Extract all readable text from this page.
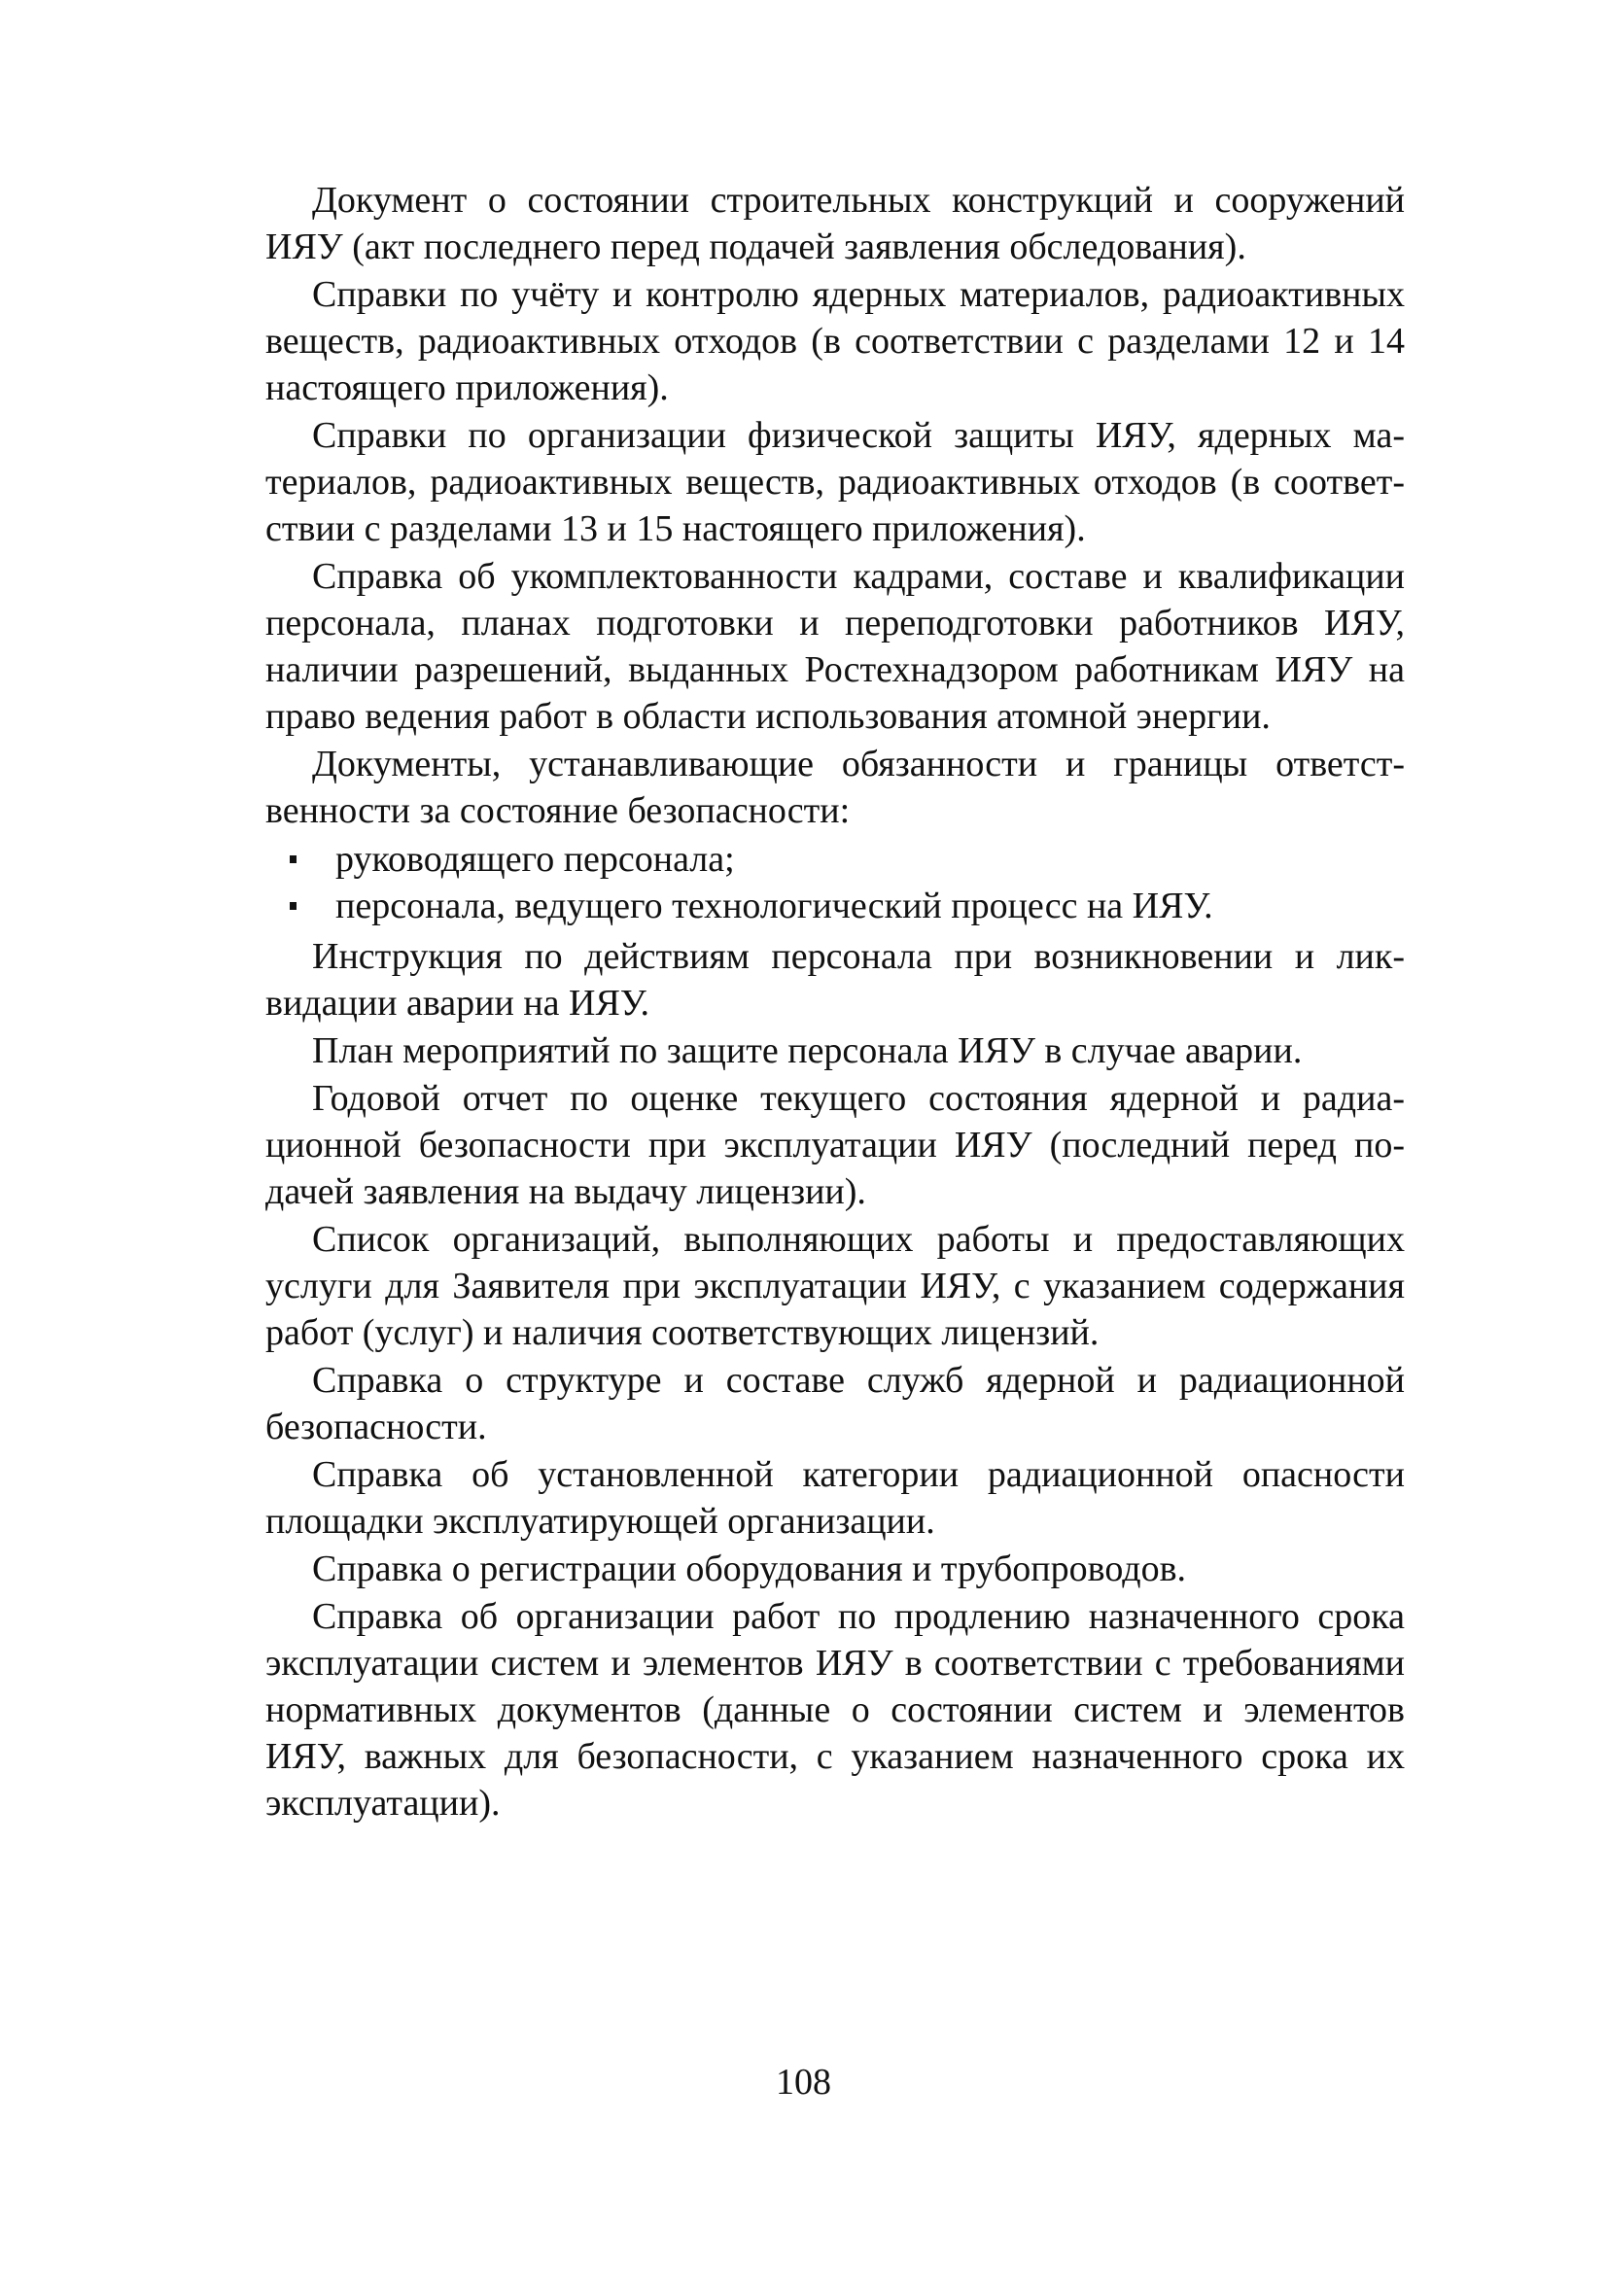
Документ о состоянии строительных конструкций и сооружений ИЯУ (акт последнего перед подачей заявления обследования).

Справки по учёту и контролю ядерных материалов, радиоактивных веществ, радиоактивных отходов (в соответствии с разделами 12 и 14 настоящего приложения).

Справки по организации физической защиты ИЯУ, ядерных материалов, радиоактивных веществ, радиоактивных отходов (в соответствии с разделами 13 и 15 настоящего приложения).

Справка об укомплектованности кадрами, составе и квалификации персонала, планах подготовки и переподготовки работников ИЯУ, наличии разрешений, выданных Ростехнадзором работникам ИЯУ на право ведения работ в области использования атомной энергии.

Документы, устанавливающие обязанности и границы ответственности за состояние безопасности:

руководящего персонала;
персонала, ведущего технологический процесс на ИЯУ.

Инструкция по действиям персонала при возникновении и ликвидации аварии на ИЯУ.

План мероприятий по защите персонала ИЯУ в случае аварии.

Годовой отчет по оценке текущего состояния ядерной и радиационной безопасности при эксплуатации ИЯУ (последний перед подачей заявления на выдачу лицензии).

Список организаций, выполняющих работы и предоставляющих услуги для Заявителя при эксплуатации ИЯУ, с указанием содержания работ (услуг) и наличия соответствующих лицензий.

Справка о структуре и составе служб ядерной и радиационной безопасности.

Справка об установленной категории радиационной опасности площадки эксплуатирующей организации.

Справка о регистрации оборудования и трубопроводов.

Справка об организации работ по продлению назначенного срока эксплуатации систем и элементов ИЯУ в соответствии с требованиями нормативных документов (данные о состоянии систем и элементов ИЯУ, важных для безопасности, с указанием назначенного срока их эксплуатации).

108
